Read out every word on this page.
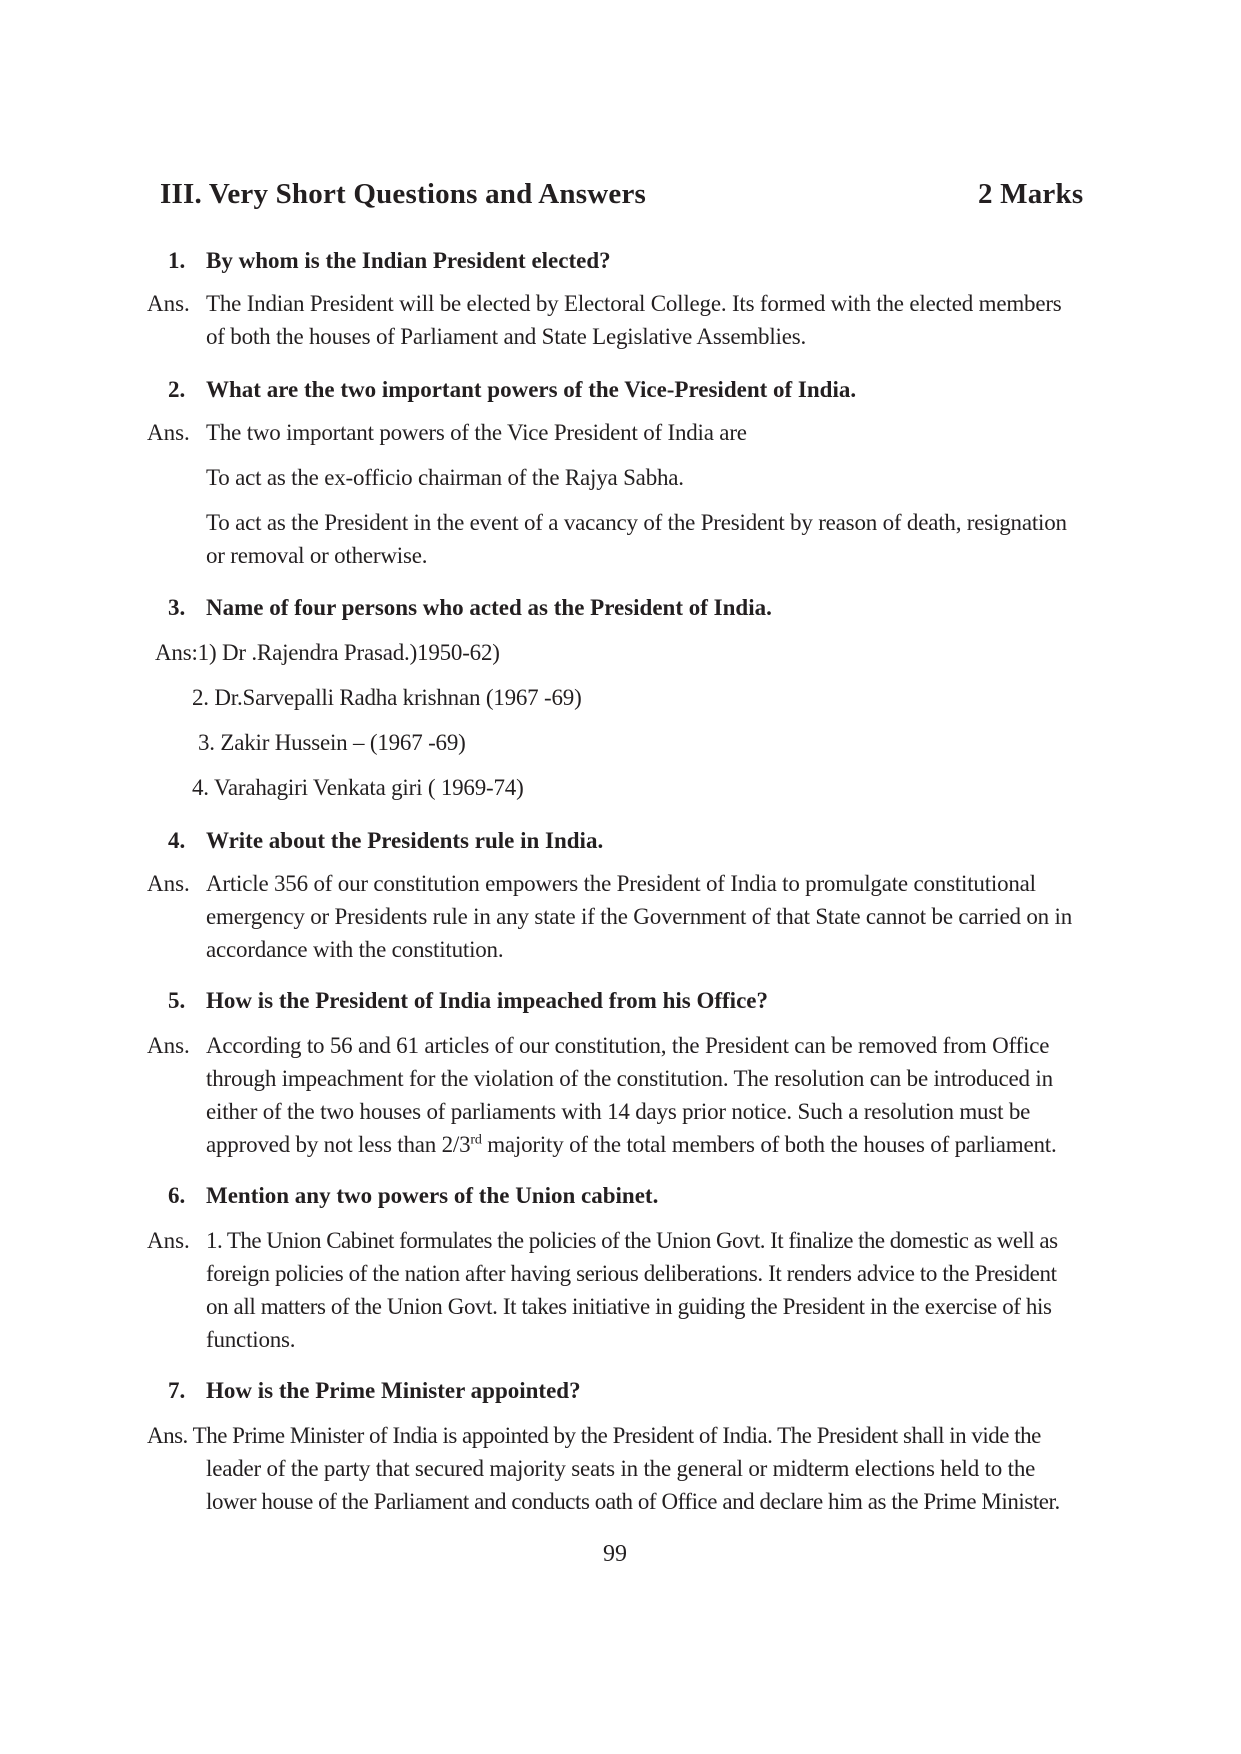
III. Very Short Questions and Answers	2 Marks
1. By whom is the Indian President elected?
Ans. The Indian President will be elected by Electoral College. Its formed with the elected members
of both the houses of Parliament and State Legislative Assemblies.
2. What are the two important powers of the Vice-President of India.
Ans. The two important powers of the Vice President of India are
To act as the ex-officio chairman of the Rajya Sabha.
To act as the President in the event of a vacancy of the President by reason of death, resignation
or removal or otherwise.
3. Name of four persons who acted as the President of India.
Ans:1) Dr .Rajendra Prasad.)1950-62)
2. Dr.Sarvepalli Radha krishnan (1967 -69)
3. Zakir Hussein – (1967 -69)
4. Varahagiri Venkata giri ( 1969-74)
4. Write about the Presidents rule in India.
Ans. Article 356 of our constitution empowers the President of India to promulgate constitutional
emergency or Presidents rule in any state if the Government of that State cannot be carried on in
accordance with the constitution.
5. How is the President of India impeached from his Office?
Ans. According to 56 and 61 articles of our constitution, the President can be removed from Office
through impeachment for the violation of the constitution. The resolution can be introduced in
either of the two houses of parliaments with 14 days prior notice. Such a resolution must be
approved by not less than 2/3rd majority of the total members of both the houses of parliament.
6. Mention any two powers of the Union cabinet.
Ans. 1. The Union Cabinet formulates the policies of the Union Govt. It finalize the domestic as well as
foreign policies of the nation after having serious deliberations. It renders advice to the President
on all matters of the Union Govt. It takes initiative in guiding the President in the exercise of his
functions.
7. How is the Prime Minister appointed?
Ans. The Prime Minister of India is appointed by the President of India. The President shall in vide the
leader of the party that secured majority seats in the general or midterm elections held to the
lower house of the Parliament and conducts oath of Office and declare him as the Prime Minister.
99
